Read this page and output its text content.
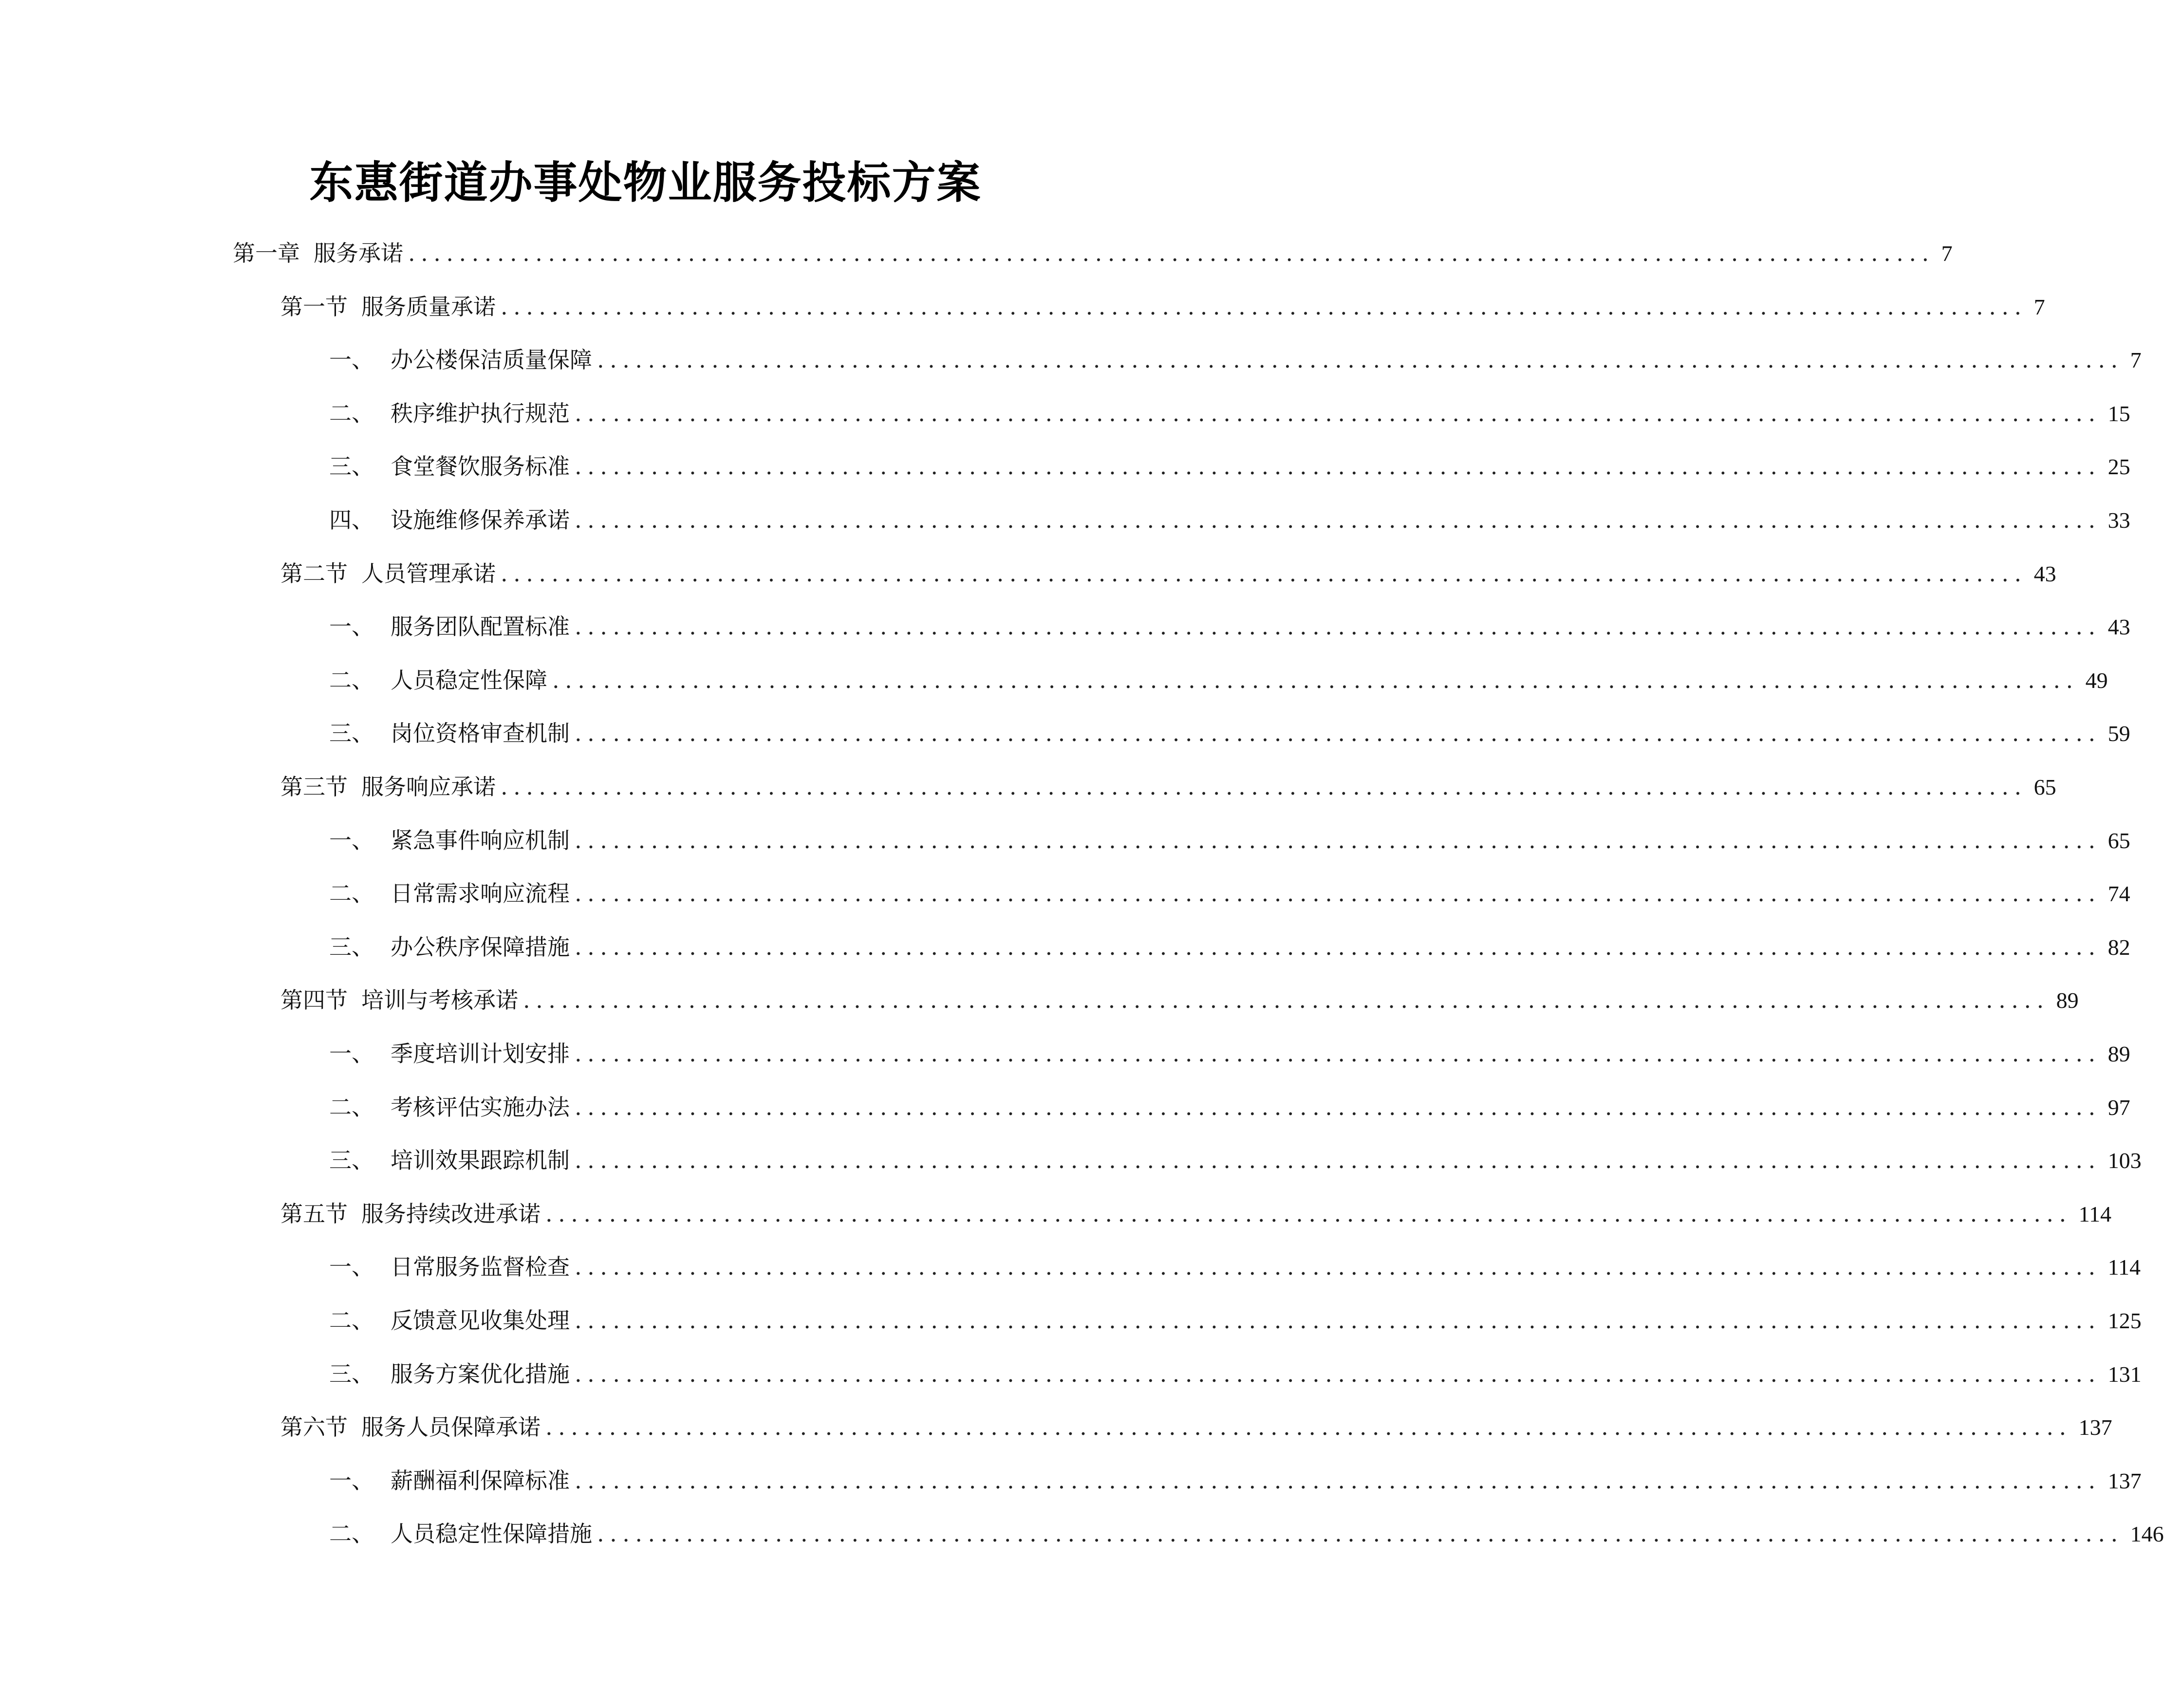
东惠街道办事处物业服务投标方案
第一章 服务承诺 ........................................................................................................................ 7
第一节 服务质量承诺 ........................................................................................................................ 7
一、 办公楼保洁质量保障 ........................................................................................................................ 7
二、 秩序维护执行规范 ........................................................................................................................ 15
三、 食堂餐饮服务标准 ........................................................................................................................ 25
四、 设施维修保养承诺 ........................................................................................................................ 33
第二节 人员管理承诺 ........................................................................................................................ 43
一、 服务团队配置标准 ........................................................................................................................ 43
二、 人员稳定性保障 ........................................................................................................................ 49
三、 岗位资格审查机制 ........................................................................................................................ 59
第三节 服务响应承诺 ........................................................................................................................ 65
一、 紧急事件响应机制 ........................................................................................................................ 65
二、 日常需求响应流程 ........................................................................................................................ 74
三、 办公秩序保障措施 ........................................................................................................................ 82
第四节 培训与考核承诺 ........................................................................................................................ 89
一、 季度培训计划安排 ........................................................................................................................ 89
二、 考核评估实施办法 ........................................................................................................................ 97
三、 培训效果跟踪机制 ........................................................................................................................ 103
第五节 服务持续改进承诺 ........................................................................................................................ 114
一、 日常服务监督检查 ........................................................................................................................ 114
二、 反馈意见收集处理 ........................................................................................................................ 125
三、 服务方案优化措施 ........................................................................................................................ 131
第六节 服务人员保障承诺 ........................................................................................................................ 137
一、 薪酬福利保障标准 ........................................................................................................................ 137
二、 人员稳定性保障措施 ........................................................................................................................ 146
